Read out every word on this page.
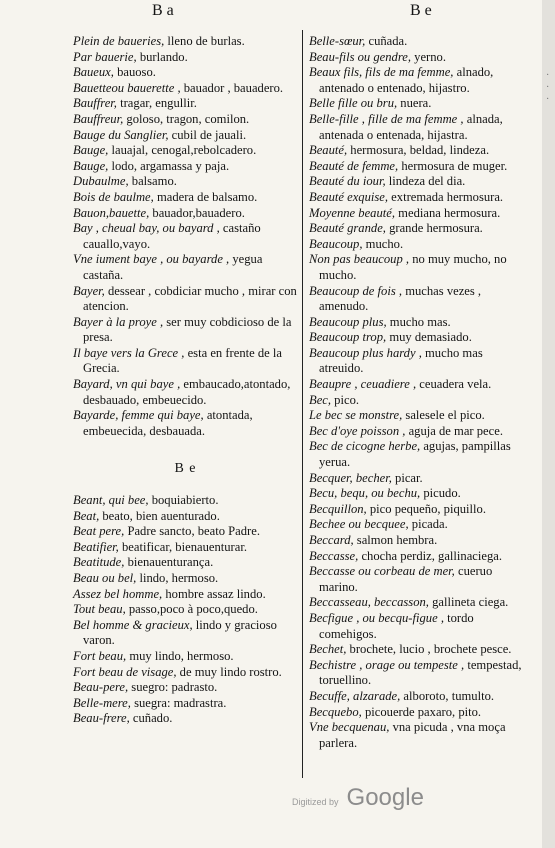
·
·
·
B a	B e
Plein de baueries, lleno de burlas.
Par bauerie, burlando.
Baueux, bauoso.
Bauetteou bauerette , bauador , bauadero.
Bauffrer, tragar, engullir.
Bauffreur, goloso, tragon, comilon.
Bauge du Sanglier, cubil de jauali.
Bauge, lauajal, cenogal,rebolcadero.
Bauge, lodo, argamassa y paja.
Dubaulme, balsamo.
Bois de baulme, madera de balsamo.
Bauon,bauette, bauador,bauadero.
Bay , cheual bay, ou bayard , castaño cauallo,vayo.
Vne iument baye , ou bayarde , yegua castaña.
Bayer, dessear , cobdiciar mucho , mirar con atencion.
Bayer à la proye , ser muy cobdicioso de la presa.
Il baye vers la Grece , esta en frente de la Grecia.
Bayard, vn qui baye , embaucado,atontado, desbauado, embeuecido.
Bayarde, femme qui baye, atontada, embeuecida, desbauada.
B e
Beant, qui bee, boquiabierto.
Beat, beato, bien auenturado.
Beat pere, Padre sancto, beato Padre.
Beatifier, beatificar, bienauenturar.
Beatitude, bienauenturança.
Beau ou bel, lindo, hermoso.
Assez bel homme, hombre assaz lindo.
Tout beau, passo,poco à poco,quedo.
Bel homme & gracieux, lindo y gracioso varon.
Fort beau, muy lindo, hermoso.
Fort beau de visage, de muy lindo rostro.
Beau-pere, suegro: padrasto.
Belle-mere, suegra: madrastra.
Beau-frere, cuñado.
Belle-sœur, cuñada.
Beau-fils ou gendre, yerno.
Beaux fils, fils de ma femme, alnado, antenado o entenado, hijastro.
Belle fille ou bru, nuera.
Belle-fille , fille de ma femme , alnada, antenada o entenada, hijastra.
Beauté, hermosura, beldad, lindeza.
Beauté de femme, hermosura de muger.
Beauté du iour, lindeza del dia.
Beauté exquise, extremada hermosura.
Moyenne beauté, mediana hermosura.
Beauté grande, grande hermosura.
Beaucoup, mucho.
Non pas beaucoup , no muy mucho, no mucho.
Beaucoup de fois , muchas vezes , amenudo.
Beaucoup plus, mucho mas.
Beaucoup trop, muy demasiado.
Beaucoup plus hardy , mucho mas atreuido.
Beaupre , ceuadiere , ceuadera vela.
Bec, pico.
Le bec se monstre, salesele el pico.
Bec d'oye poisson , aguja de mar pece.
Bec de cicogne herbe, agujas, pampillas yerua.
Becquer, becher, picar.
Becu, bequ, ou bechu, picudo.
Becquillon, pico pequeño, piquillo.
Bechee ou becquee, picada.
Beccard, salmon hembra.
Beccasse, chocha perdiz, gallinaciega.
Beccasse ou corbeau de mer, cueruo marino.
Beccasseau, beccasson, gallineta ciega.
Becfigue , ou becqu-figue , tordo comehigos.
Bechet, brochete, lucio , brochete pesce.
Bechistre , orage ou tempeste , tempestad, toruellino.
Becuffe, alzarade, alboroto, tumulto.
Becquebo, picouerde paxaro, pito.
Vne becquenau, vna picuda , vna moça parlera.
Digitized by Google
